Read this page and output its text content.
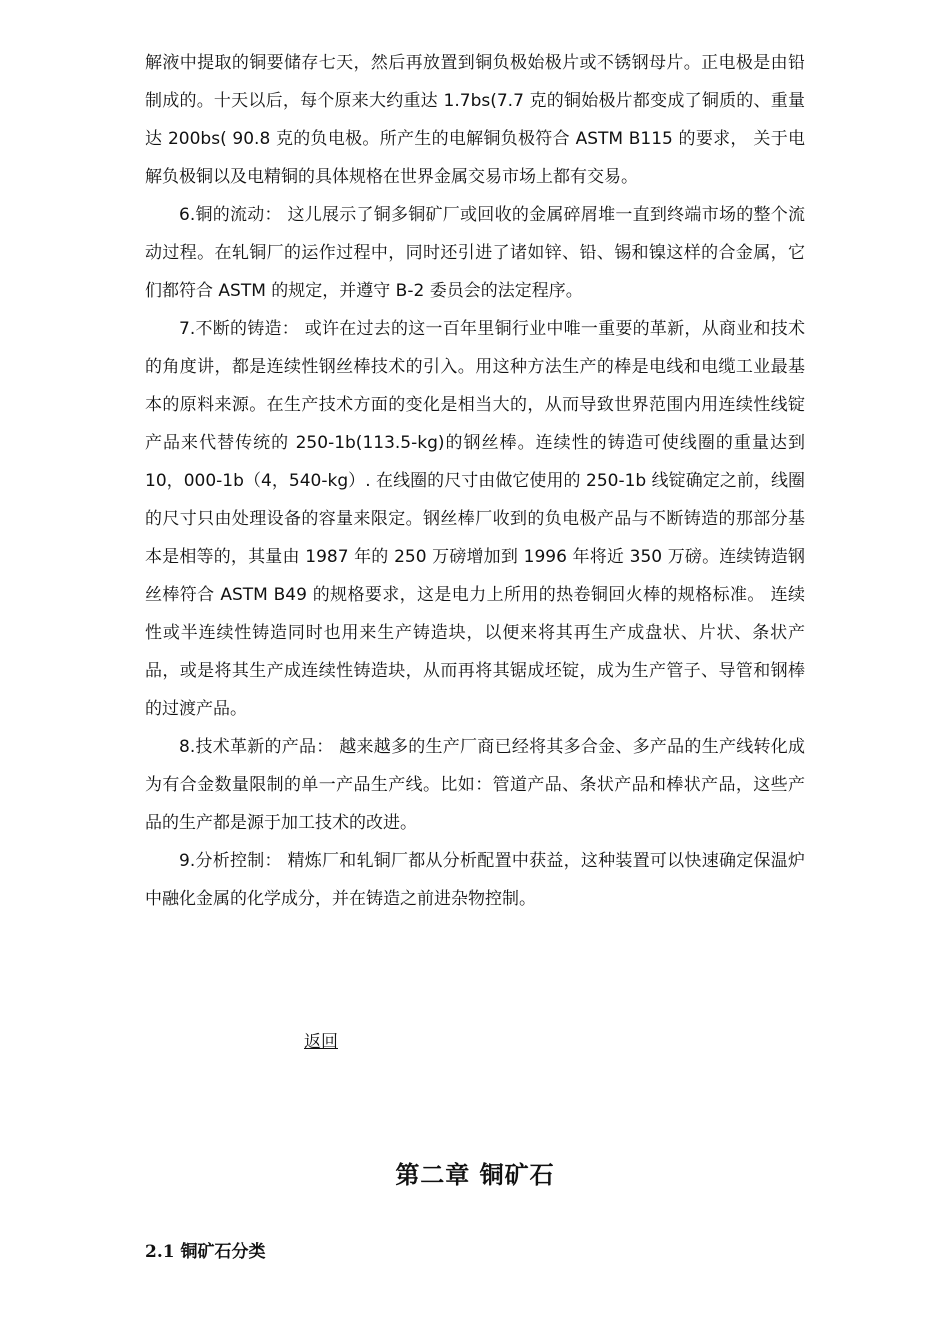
解液中提取的铜要储存七天，然后再放置到铜负极始极片或不锈钢母片。正电极是由铅制成的。十天以后，每个原来大约重达 1.7bs(7.7 克的铜始极片都变成了铜质的、重量达 200bs( 90.8 克的负电极。所产生的电解铜负极符合 ASTM B115 的要求， 关于电解负极铜以及电精铜的具体规格在世界金属交易市场上都有交易。

6.铜的流动： 这儿展示了铜多铜矿厂或回收的金属碎屑堆一直到终端市场的整个流动过程。在轧铜厂的运作过程中，同时还引进了诸如锌、铅、锡和镍这样的合金属，它们都符合 ASTM 的规定，并遵守 B-2 委员会的法定程序。

7.不断的铸造： 或许在过去的这一百年里铜行业中唯一重要的革新，从商业和技术的角度讲，都是连续性钢丝棒技术的引入。用这种方法生产的棒是电线和电缆工业最基本的原料来源。在生产技术方面的变化是相当大的，从而导致世界范围内用连续性线锭产品来代替传统的 250-1b(113.5-kg)的钢丝棒。连续性的铸造可使线圈的重量达到 10，000-1b（4，540-kg）. 在线圈的尺寸由做它使用的 250-1b 线锭确定之前，线圈的尺寸只由处理设备的容量来限定。钢丝棒厂收到的负电极产品与不断铸造的那部分基本是相等的，其量由 1987 年的 250 万磅增加到 1996 年将近 350 万磅。连续铸造钢丝棒符合 ASTM B49 的规格要求，这是电力上所用的热卷铜回火棒的规格标准。 连续性或半连续性铸造同时也用来生产铸造块，以便来将其再生产成盘状、片状、条状产品，或是将其生产成连续性铸造块，从而再将其锯成坯锭，成为生产管子、导管和钢棒的过渡产品。

8.技术革新的产品： 越来越多的生产厂商已经将其多合金、多产品的生产线转化成为有合金数量限制的单一产品生产线。比如：管道产品、条状产品和棒状产品，这些产品的生产都是源于加工技术的改进。

9.分析控制： 精炼厂和轧铜厂都从分析配置中获益，这种装置可以快速确定保温炉中融化金属的化学成分，并在铸造之前进杂物控制。

返回
第二章 铜矿石
2.1 铜矿石分类
